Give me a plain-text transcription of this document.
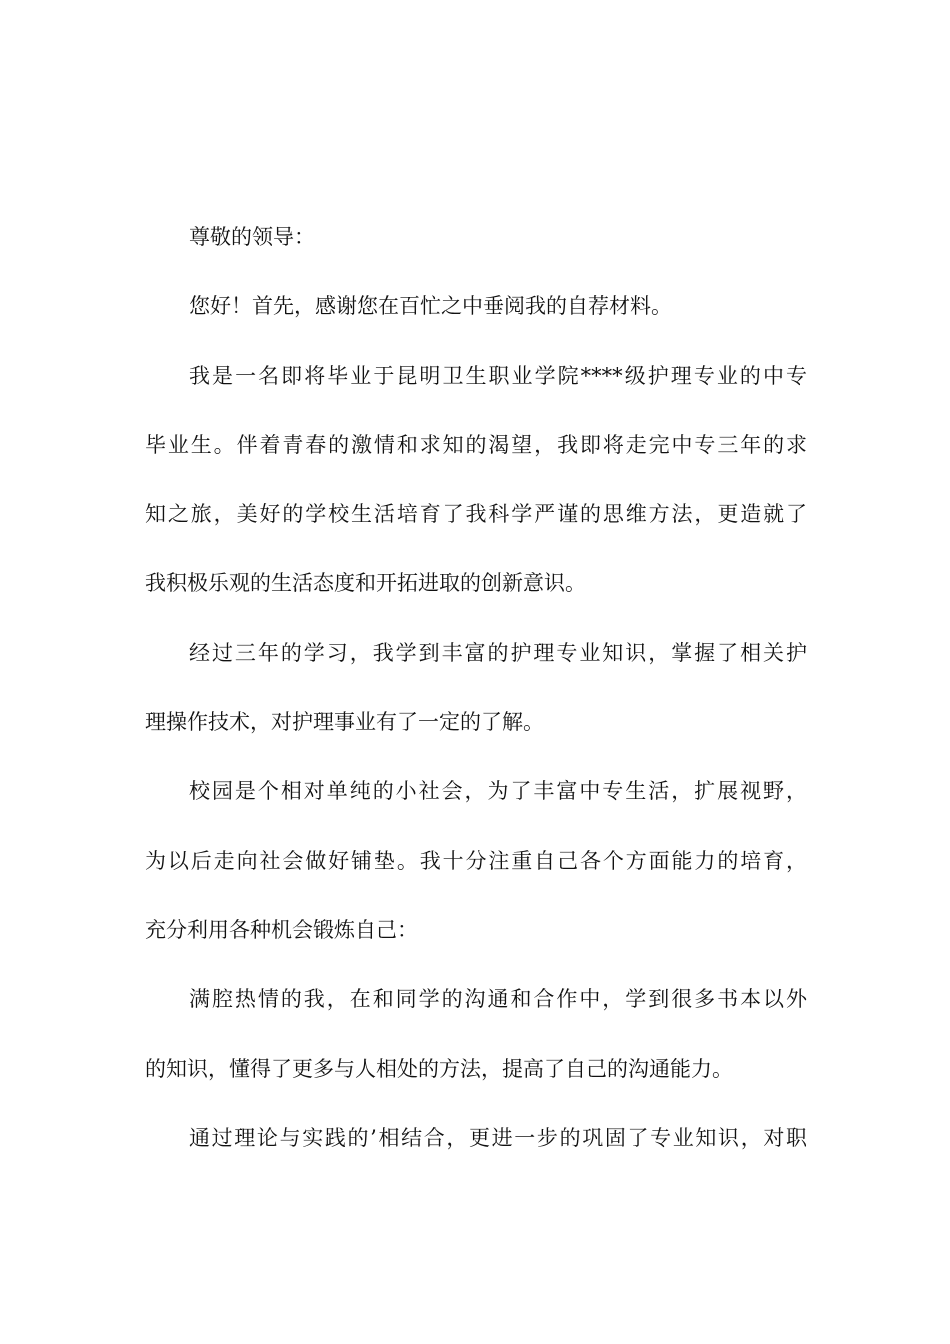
尊敬的领导：
您好！首先，感谢您在百忙之中垂阅我的自荐材料。
我是一名即将毕业于昆明卫生职业学院****级护理专业的中专
毕业生。伴着青春的激情和求知的渴望，我即将走完中专三年的求
知之旅，美好的学校生活培育了我科学严谨的思维方法，更造就了
我积极乐观的生活态度和开拓进取的创新意识。
经过三年的学习，我学到丰富的护理专业知识，掌握了相关护
理操作技术，对护理事业有了一定的了解。
校园是个相对单纯的小社会，为了丰富中专生活，扩展视野，
为以后走向社会做好铺垫。我十分注重自己各个方面能力的培育，
充分利用各种机会锻炼自己：
满腔热情的我，在和同学的沟通和合作中，学到很多书本以外
的知识，懂得了更多与人相处的方法，提高了自己的沟通能力。
通过理论与实践的’相结合，更进一步的巩固了专业知识，对职
